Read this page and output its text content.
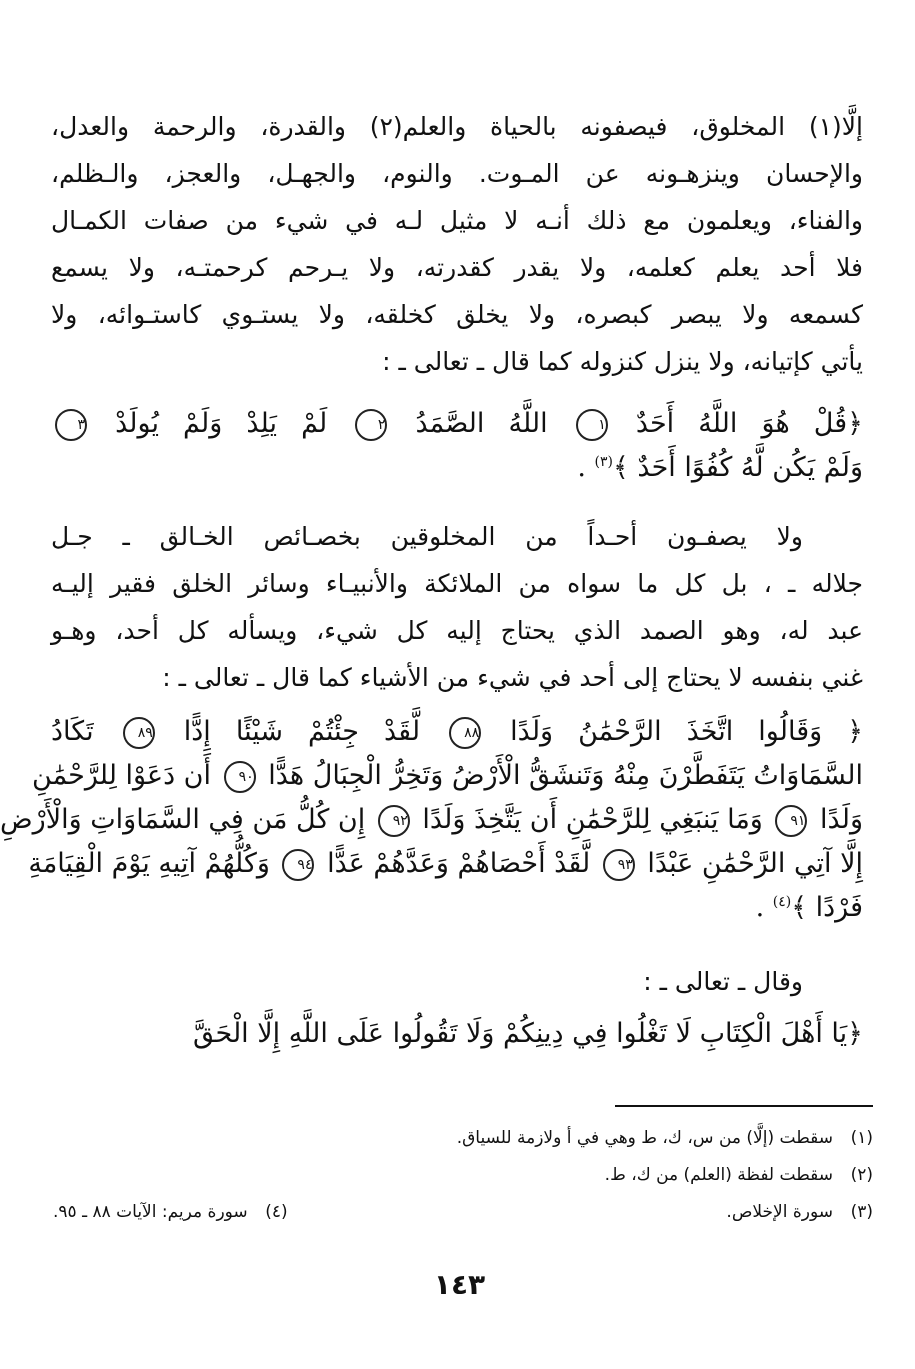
إلَّا(١) المخلوق، فيصفونه بالحياة والعلم(٢) والقدرة، والرحمة والعدل،
والإحسان وينزهـونه عن المـوت. والنوم، والجهـل، والعجز، والـظلم،
والفناء، ويعلمون مع ذلك أنـه لا مثيل لـه في شيء من صفات الكمـال
فلا أحد يعلم كعلمه، ولا يقدر كقدرته، ولا يـرحم كرحمتـه، ولا يسمع
كسمعه ولا يبصر كبصره، ولا يخلق كخلقه، ولا يستـوي كاستـوائه، ولا
يأتي كإتيانه، ولا ينزل كنزوله كما قال ـ تعالى ـ :
﴿قُلْ هُوَ اللَّهُ أَحَدٌ ١ اللَّهُ الصَّمَدُ ٢ لَمْ يَلِدْ وَلَمْ يُولَدْ ٣
وَلَمْ يَكُن لَّهُ كُفُوًا أَحَدٌ ﴾$^{(٣)}$ .
ولا يصفـون أحـداً من المخلوقين بخصـائص الخـالق ـ جـل
جلاله ـ ، بل كل ما سواه من الملائكة والأنبيـاء وسائر الخلق فقير إليـه
عبد له، وهو الصمد الذي يحتاج إليه كل شيء، ويسأله كل أحد، وهـو
غني بنفسه لا يحتاج إلى أحد في شيء من الأشياء كما قال ـ تعالى ـ :
﴿ وَقَالُوا اتَّخَذَ الرَّحْمَٰنُ وَلَدًا ٨٨ لَّقَدْ جِئْتُمْ شَيْئًا إِدًّا ٨٩ تَكَادُ
السَّمَاوَاتُ يَتَفَطَّرْنَ مِنْهُ وَتَنشَقُّ الْأَرْضُ وَتَخِرُّ الْجِبَالُ هَدًّا ٩٠ أَن دَعَوْا لِلرَّحْمَٰنِ
وَلَدًا ٩١ وَمَا يَنبَغِي لِلرَّحْمَٰنِ أَن يَتَّخِذَ وَلَدًا ٩٢ إِن كُلُّ مَن فِي السَّمَاوَاتِ وَالْأَرْضِ
إِلَّا آتِي الرَّحْمَٰنِ عَبْدًا ٩٣ لَّقَدْ أَحْصَاهُمْ وَعَدَّهُمْ عَدًّا ٩٤ وَكُلُّهُمْ آتِيهِ يَوْمَ الْقِيَامَةِ
فَرْدًا ﴾$^{(٤)}$ .
وقال ـ تعالى ـ :
﴿يَا أَهْلَ الْكِتَابِ لَا تَغْلُوا فِي دِينِكُمْ وَلَا تَقُولُوا عَلَى اللَّهِ إِلَّا الْحَقَّ
(١)سقطت (إلَّا) من س، ك، ط وهي في أ ولازمة للسياق.
(٢)سقطت لفظة (العلم) من ك، ط.
(٣)سورة الإخلاص.
(٤)سورة مريم: الآيات ٨٨ ـ ٩٥.
١٤٣
